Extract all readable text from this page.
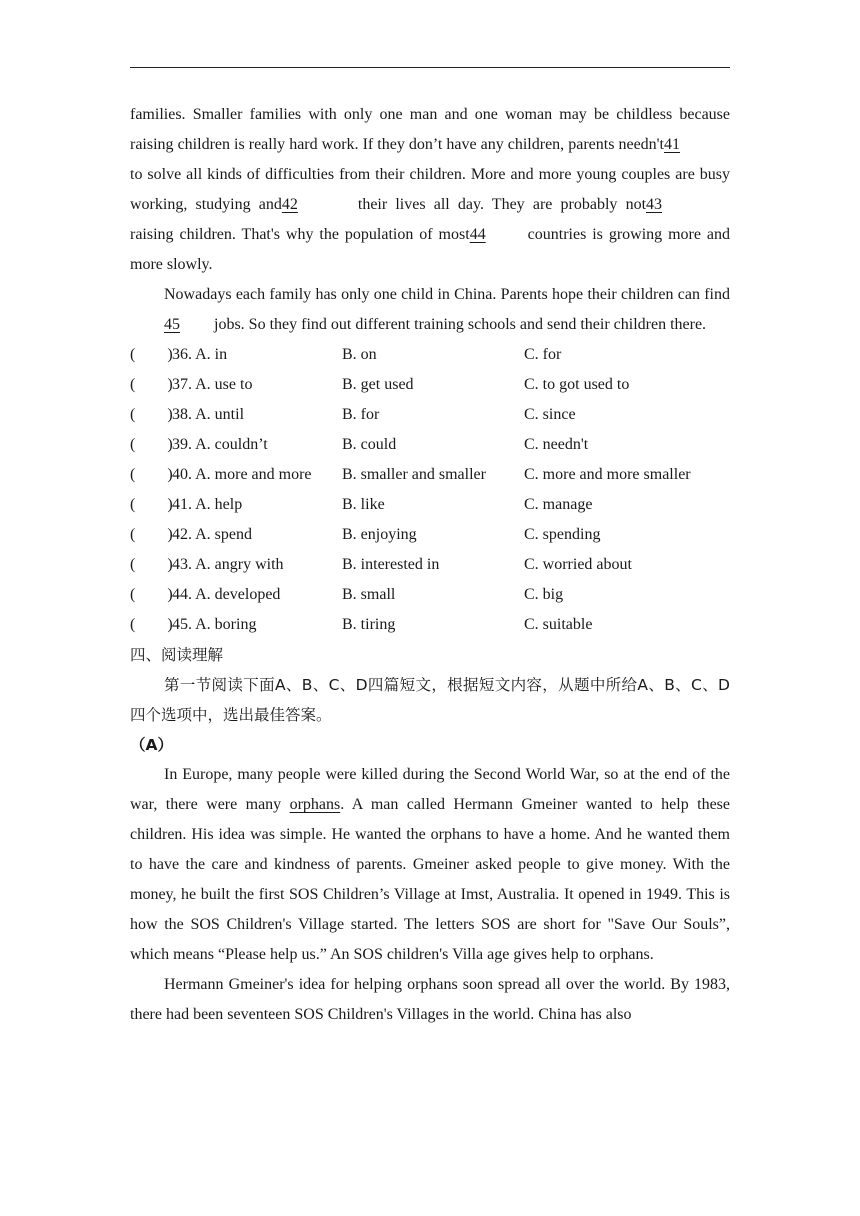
families. Smaller families with only one man and one woman may be childless because raising children is really hard work. If they don’t have any children, parents needn't41to solve all kinds of difficulties from their children. More and more young couples are busy working, studying and42	their lives all day. They are probably not43raising children. That's why the population of most44	countries is growing more and more slowly.

Nowadays each family has only one child in China. Parents hope their children can find45 jobs. So they find out different training schools and send their children there.

(        ) 36. A. in	B. on	C. for
(        ) 37. A. use to	B. get used	C. to got used to
(        ) 38. A. until	B. for	C. since
(        ) 39. A. couldn’t	B. could	C. needn't
(        ) 40. A. more and more	B. smaller and smaller	C. more and more smaller
(        ) 41. A. help	B. like	C. manage
(        ) 42. A. spend	B. enjoying	C. spending
(        ) 43. A. angry with	B. interested in	C. worried about
(        ) 44. A. developed	B. small	C. big
(        ) 45. A. boring	B. tiring	C. suitable

四、阅读理解

第一节阅读下面A、B、C、D四篇短文，根据短文内容，从题中所给A、B、C、D四个选项中，选出最佳答案。

（A）

In Europe, many people were killed during the Second World War, so at the end of the war, there were many orphans. A man called Hermann Gmeiner wanted to help these children. His idea was simple. He wanted the orphans to have a home. And he wanted them to have the care and kindness of parents. Gmeiner asked people to give money. With the money, he built the first SOS Children’s Village at Imst, Australia. It opened in 1949. This is how the SOS Children's Village started. The letters SOS are short for "Save Our Souls”, which means “Please help us.” An SOS children's Villa age gives help to orphans.

Hermann Gmeiner's idea for helping orphans soon spread all over the world. By 1983, there had been seventeen SOS Children's Villages in the world. China has also
